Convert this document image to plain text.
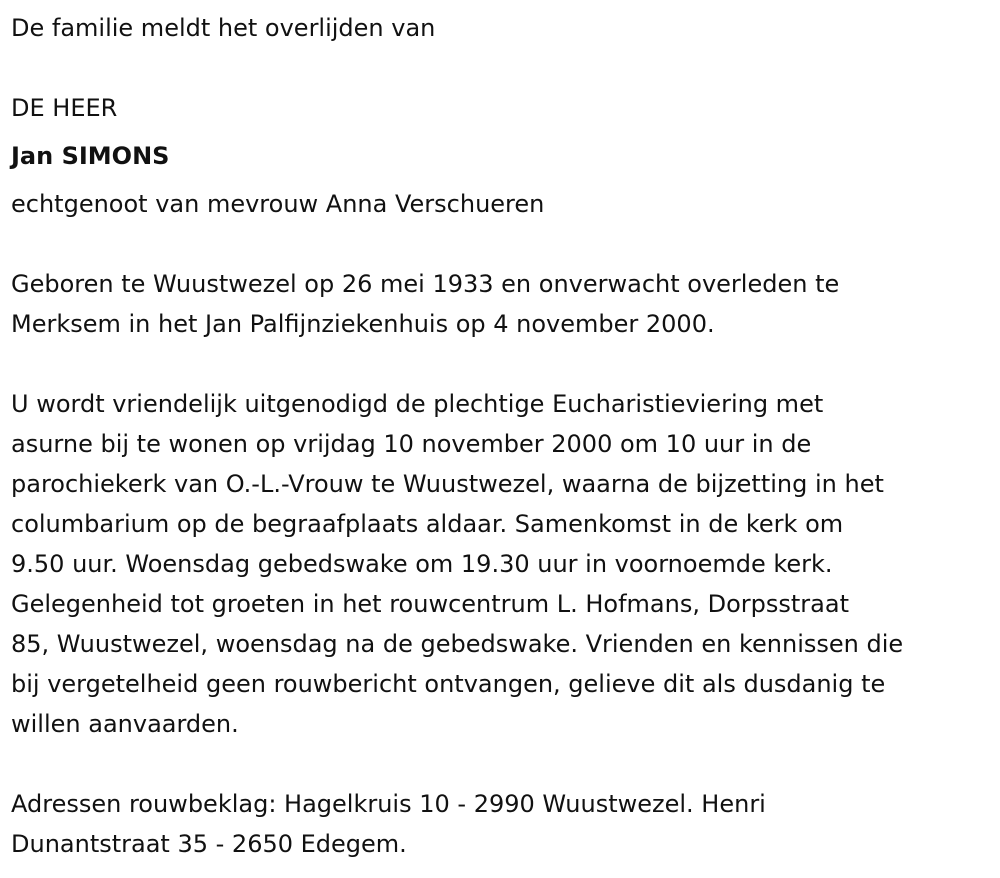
De familie meldt het overlijden van

DE HEER

Jan SIMONS

echtgenoot van mevrouw Anna Verschueren

Geboren te Wuustwezel op 26 mei 1933 en onverwacht overleden te

Merksem in het Jan Palfijnziekenhuis op 4 november 2000.

U wordt vriendelijk uitgenodigd de plechtige Eucharistieviering met

asurne bij te wonen op vrijdag 10 november 2000 om 10 uur in de

parochiekerk van O.-L.-Vrouw te Wuustwezel, waarna de bijzetting in het

columbarium op de begraafplaats aldaar. Samenkomst in de kerk om

9.50 uur. Woensdag gebedswake om 19.30 uur in voornoemde kerk.

Gelegenheid tot groeten in het rouwcentrum L. Hofmans, Dorpsstraat

85, Wuustwezel, woensdag na de gebedswake. Vrienden en kennissen die

bij vergetelheid geen rouwbericht ontvangen, gelieve dit als dusdanig te

willen aanvaarden.

Adressen rouwbeklag: Hagelkruis 10 - 2990 Wuustwezel. Henri

Dunantstraat 35 - 2650 Edegem.
